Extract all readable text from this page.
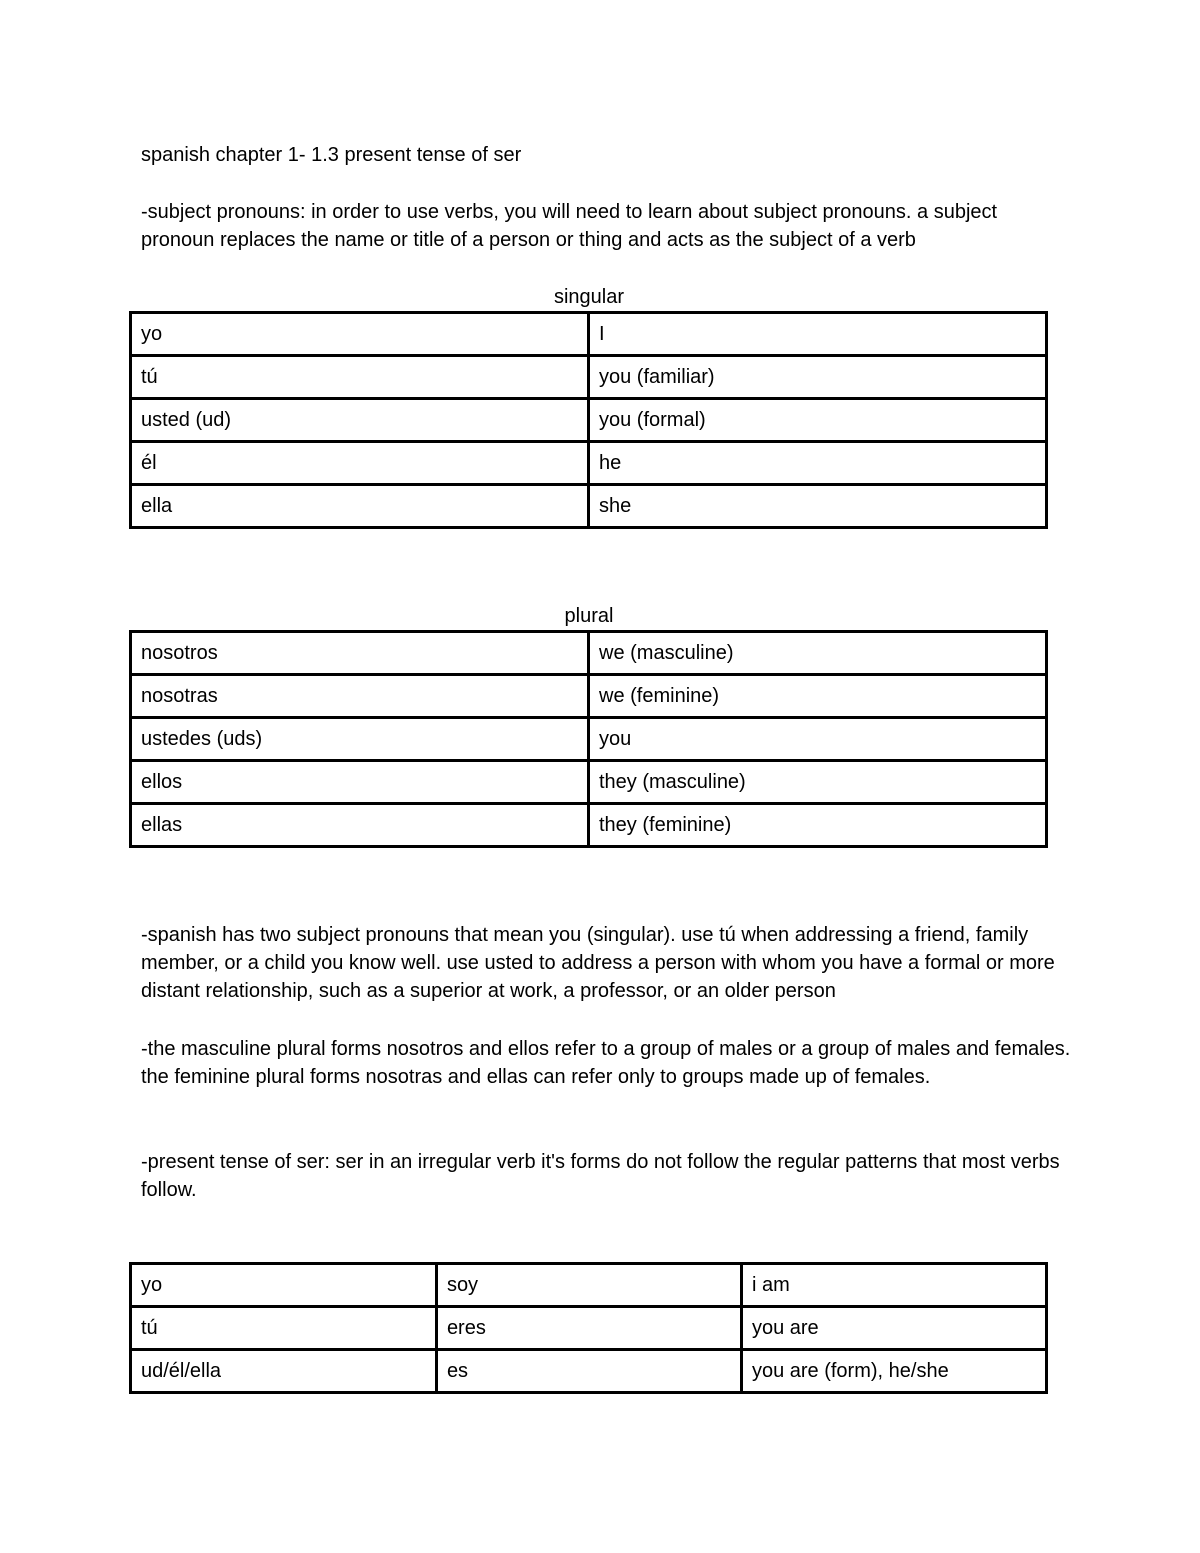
spanish chapter 1- 1.3 present tense of ser

-subject pronouns: in order to use verbs, you will need to learn about subject pronouns. a subject pronoun replaces the name or title of a person or thing and acts as the subject of a verb

singular

yo	I
tú	you (familiar)
usted (ud)	you (formal)
él	he
ella	she

plural

nosotros	we (masculine)
nosotras	we (feminine)
ustedes (uds)	you
ellos	they (masculine)
ellas	they (feminine)

-spanish has two subject pronouns that mean you (singular). use tú when addressing a friend, family member, or a child you know well. use usted to address a person with whom you have a formal or more distant relationship, such as a superior at work, a professor, or an older person

-the masculine plural forms nosotros and ellos refer to a group of males or a group of males and females. the feminine plural forms nosotras and ellas can refer only to groups made up of females.

-present tense of ser: ser in an irregular verb it's forms do not follow the regular patterns that most verbs follow.

yo	soy	i am
tú	eres	you are
ud/él/ella	es	you are (form), he/she
